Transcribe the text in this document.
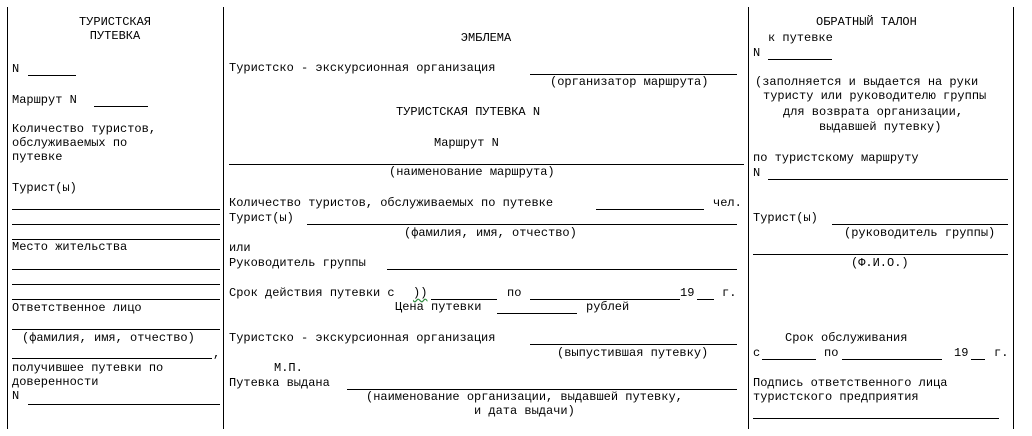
ТУРИСТСКАЯ
ПУТЕВКА
N
Маршрут N
Количество туристов,
обслуживаемых по
путевке
Турист(ы)
Место жительства
Ответственное лицо
(фамилия, имя, отчество)
,
получившее путевки по
доверенности
N
ЭМБЛЕМА
Туристско - экскурсионная организация
(организатор маршрута)
ТУРИСТСКАЯ ПУТЕВКА N
Маршрут N
(наименование маршрута)
Количество туристов, обслуживаемых по путевке	чел.
Турист(ы)
(фамилия, имя, отчество)
или
Руководитель группы
Срок действия путевки с ))	по	19 г.
Цена путевки	рублей
Туристско - экскурсионная организация
(выпустившая путевку)
М.П.
Путевка выдана
(наименование организации, выдавшей путевку,
и дата выдачи)
ОБРАТНЫЙ ТАЛОН
к путевке
N
(заполняется и выдается на руки
туристу или руководителю группы
для возврата организации,
выдавшей путевку)
по туристскому маршруту
N
Турист(ы)
(руководитель группы)
(Ф.И.О.)
Срок обслуживания
с	по	19 г.
Подпись ответственного лица
туристского предприятия
